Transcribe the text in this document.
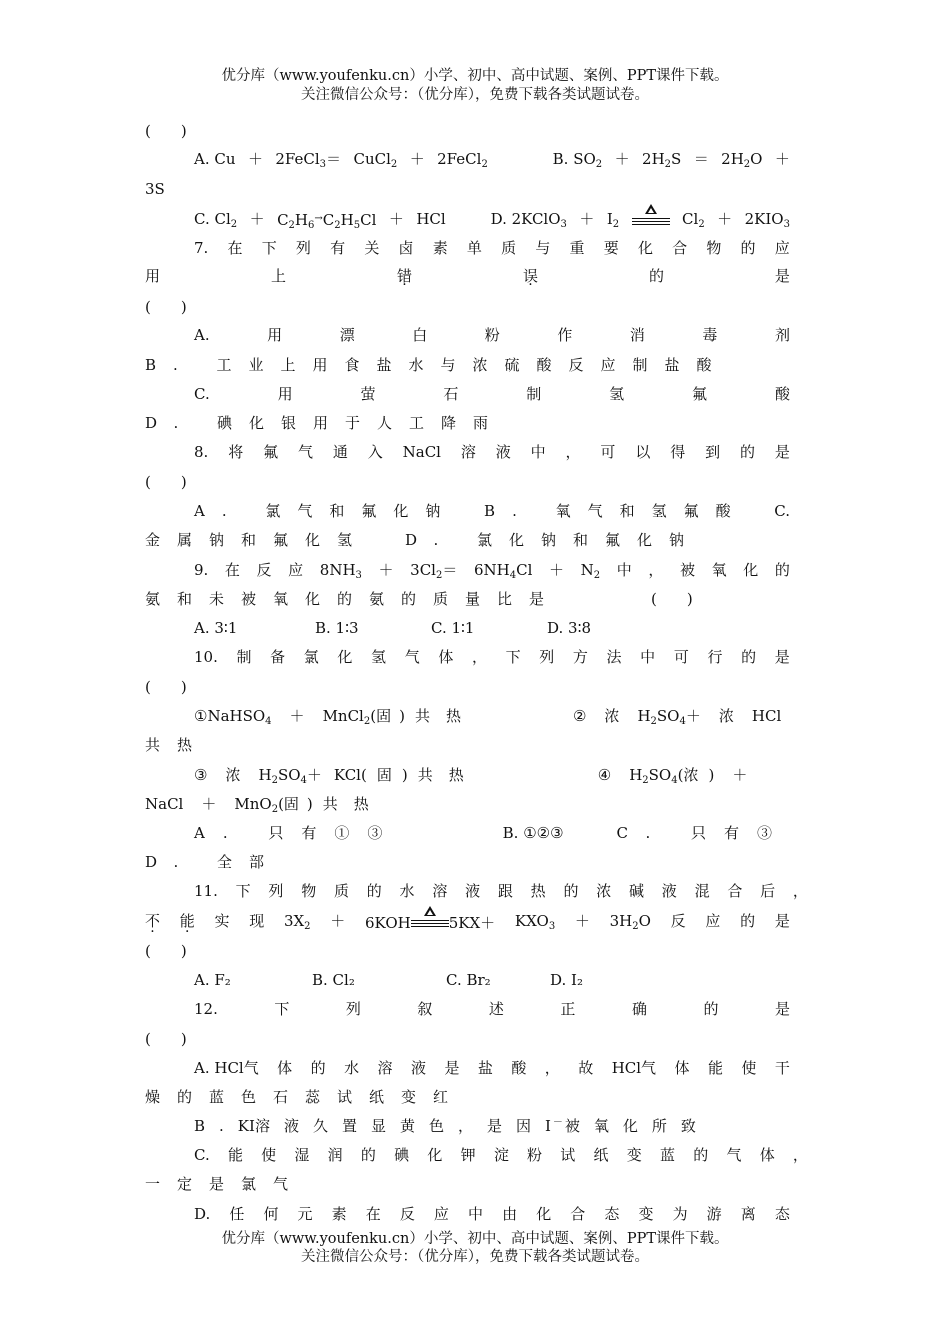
优分库（www.youfenku.cn）小学、初中、高中试题、案例、PPT课件下载。
关注微信公众号：（优分库），免费下载各类试题试卷。
(　　)
A. Cu ＋ 2FeCl$_3$＝ CuCl$_2$ ＋ 2FeCl$_2$	B. $SO_2 + 2H_2S = 2H_2O$ ＋
3S
C. $Cl_2 + C_2H_6^\to C_2H_5Cl$ ＋ HCl	D. 2KClO$_3$ ＋ $I_2$	$Cl_2 + 2KIO_3$
7. 在 下 列 有 关 卤 素 单 质 与 重 要 化 合 物 的 应
用	上	错 ·	误 ·	的	是
(　　)
A.	用	漂	白	粉	作	消	毒	剂
B. 工业上用食盐水与浓硫酸反应制盐酸
C.	用	萤	石	制	氢	氟	酸
D. 碘化银用于人工降雨
8. 将 氟 气 通 入 NaCl 溶 液 中 ， 可 以 得 到 的 是
(　　)
A. 氯气和氟化钠 B. 氧气和氢氟酸 C.
金属钠和氟化氢 D. 氯化钠和氟化钠
9. 在 反 应 $8NH_3 + 3Cl_2= 6NH_4Cl + N_2$ 中 ， 被 氧 化 的
氨和未被氧化的氨的质量比是	(　　)
A. 3∶1	B. 1∶3	C. 1∶1	D. 3∶8
10. 制 备 氯 化 氢 气 体 ， 下 列 方 法 中 可 行 的 是
(　　)
①NaHSO$_4$ ＋ MnCl$_2$(固 ) 共热	② 浓 $H_2SO_4+$ 浓 HCl
共热
③ 浓 $H_2SO_4+ KCl$( 固 ) 共热	④ $H_2SO_4$(浓 ) ＋
NaCl ＋ MnO$_2$(固 ) 共热
A. 只有①③	B. ①②③	C. 只有③
D. 全部
11. 下 列 物 质 的 水 溶 液 跟 热 的 浓 碱 液 混 合 后 ，
不 · 能 · 实 现 $3X_2 + 6KOH$	$5KX+ KXO_3 + 3H_2O$ 反 应 的 是
(　　)
A. F₂	B. Cl₂	C. Br₂	D. I₂
12.	下	列	叙	述	正	确	的	是
(　　)
A. HCl气 体 的 水 溶 液 是 盐 酸 ， 故 HCl气 体 能 使 干
燥的蓝色石蕊试纸变红
B.KI溶液久置显黄色，是因I－被氧化所致
C. 能 使 湿 润 的 碘 化 钾 淀 粉 试 纸 变 蓝 的 气 体 ，
一定是氯气
D. 任 何 元 素 在 反 应 中 由 化 合 态 变 为 游 离 态
优分库（www.youfenku.cn）小学、初中、高中试题、案例、PPT课件下载。
关注微信公众号：（优分库），免费下载各类试题试卷。
